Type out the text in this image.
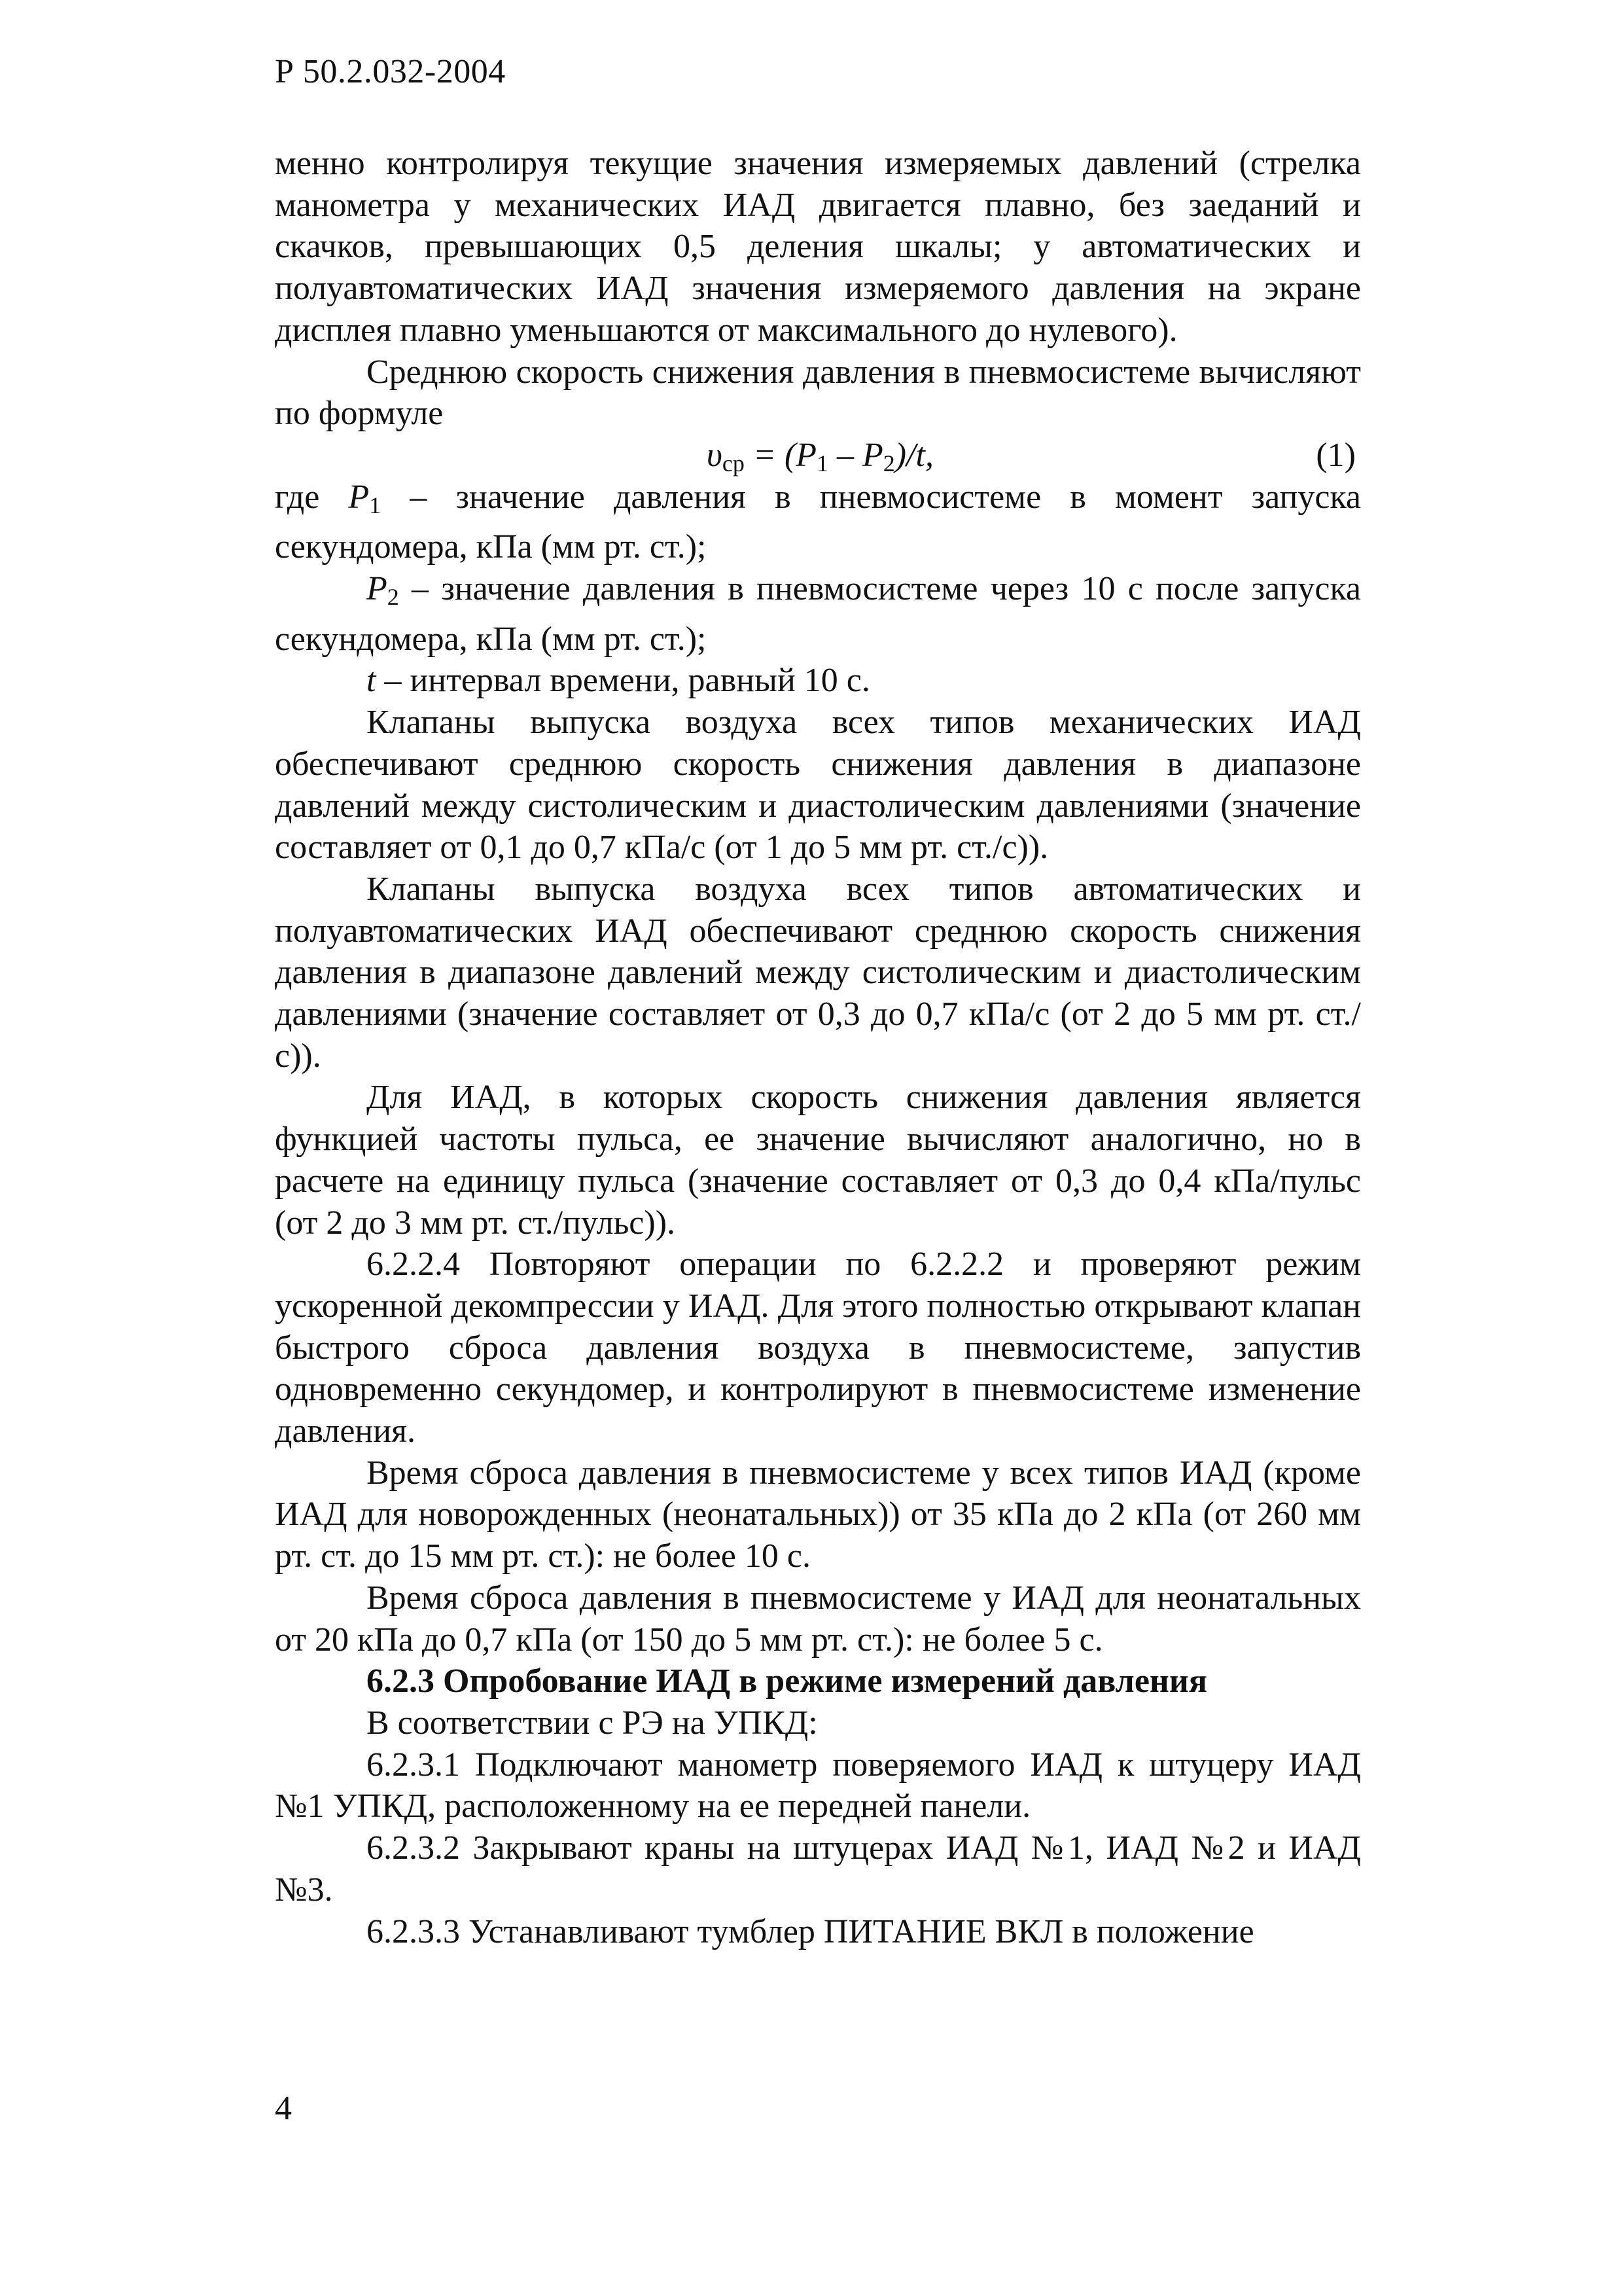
Р 50.2.032-2004

менно контролируя текущие значения измеряемых давлений (стрелка манометра у механических ИАД двигается плавно, без заеданий и скачков, превышающих 0,5 деления шкалы; у автоматических и полуавтоматических ИАД значения измеряемого давления на экране дисплея плавно уменьшаются от максимального до нулевого).

Среднюю скорость снижения давления в пневмосистеме вычисляют по формуле

$\upsilon_{ср} = (P_1 - P_2)/t$,	(1)

где $P_1$ – значение давления в пневмосистеме в момент запуска секундомера, кПа (мм рт. ст.);

$P_2$ – значение давления в пневмосистеме через 10 с после запуска секундомера, кПа (мм рт. ст.);

t – интервал времени, равный 10 с.

Клапаны выпуска воздуха всех типов механических ИАД обеспечивают среднюю скорость снижения давления в диапазоне давлений между систолическим и диастолическим давлениями (значение составляет от 0,1 до 0,7 кПа/с (от 1 до 5 мм рт. ст./с)).

Клапаны выпуска воздуха всех типов автоматических и полуавтоматических ИАД обеспечивают среднюю скорость снижения давления в диапазоне давлений между систолическим и диастолическим давлениями (значение составляет от 0,3 до 0,7 кПа/с (от 2 до 5 мм рт. ст./с)).

Для ИАД, в которых скорость снижения давления является функцией частоты пульса, ее значение вычисляют аналогично, но в расчете на единицу пульса (значение составляет от 0,3 до 0,4 кПа/пульс (от 2 до 3 мм рт. ст./пульс)).

6.2.2.4 Повторяют операции по 6.2.2.2 и проверяют режим ускоренной декомпрессии у ИАД. Для этого полностью открывают клапан быстрого сброса давления воздуха в пневмосистеме, запустив одновременно секундомер, и контролируют в пневмосистеме изменение давления.

Время сброса давления в пневмосистеме у всех типов ИАД (кроме ИАД для новорожденных (неонатальных)) от 35 кПа до 2 кПа (от 260 мм рт. ст. до 15 мм рт. ст.): не более 10 с.

Время сброса давления в пневмосистеме у ИАД для неонатальных от 20 кПа до 0,7 кПа (от 150 до 5 мм рт. ст.): не более 5 с.

6.2.3 Опробование ИАД в режиме измерений давления

В соответствии с РЭ на УПКД:

6.2.3.1 Подключают манометр поверяемого ИАД к штуцеру ИАД №1 УПКД, расположенному на ее передней панели.

6.2.3.2 Закрывают краны на штуцерах ИАД №1, ИАД №2 и ИАД №3.

6.2.3.3 Устанавливают тумблер ПИТАНИЕ ВКЛ в положение

4
